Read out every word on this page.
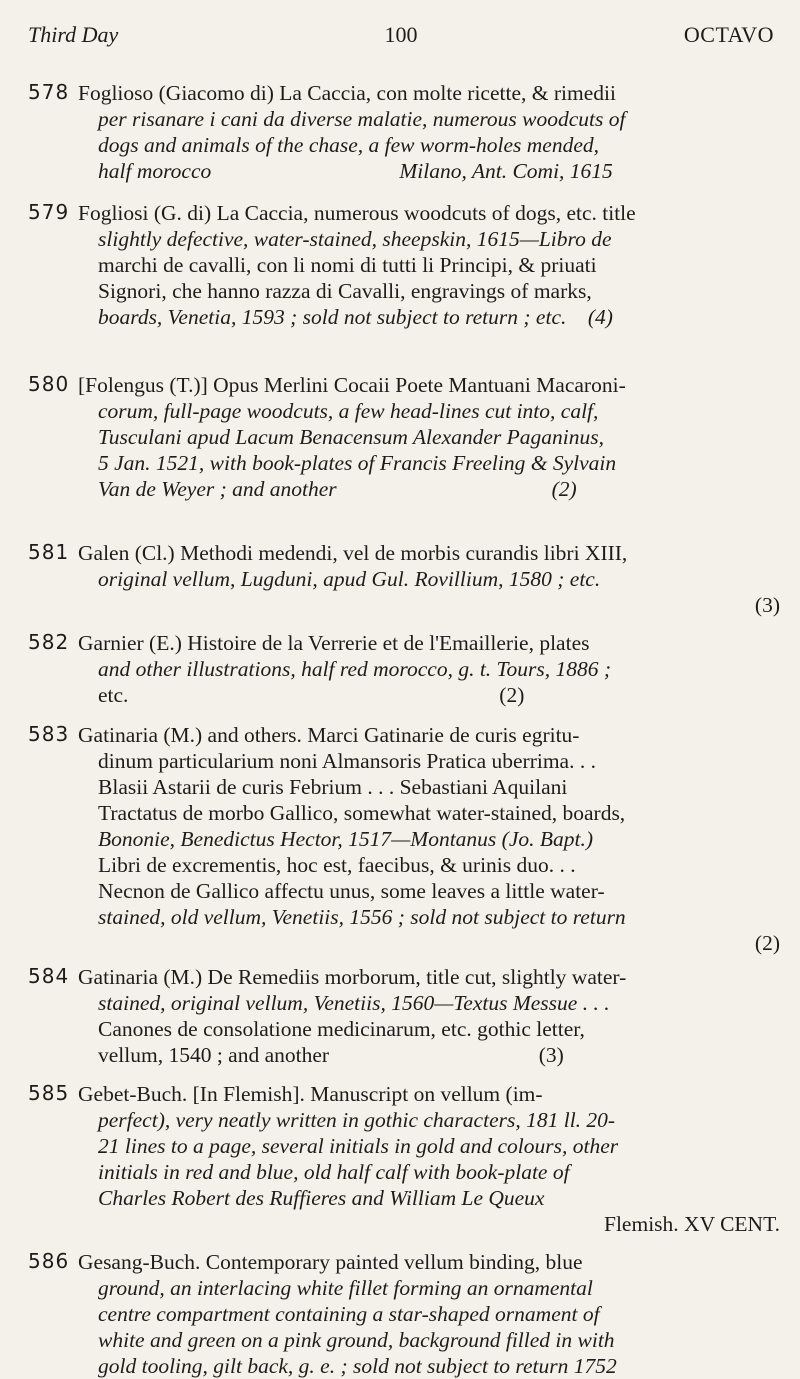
Third Day	100	OCTAVO
578 Foglioso (Giacomo di) La Caccia, con molte ricette, & rimedii
per risanare i cani da diverse malatie, numerous woodcuts of
dogs and animals of the chase, a few worm-holes mended,
half morocco                                   Milano, Ant. Comi, 1615
579 Fogliosi (G. di) La Caccia, numerous woodcuts of dogs, etc. title
slightly defective, water-stained, sheepskin, 1615—Libro de
marchi de cavalli, con li nomi di tutti li Principi, & priuati
Signori, che hanno razza di Cavalli, engravings of marks,
boards, Venetia, 1593 ; sold not subject to return ; etc.    (4)
580 [Folengus (T.)] Opus Merlini Cocaii Poete Mantuani Macaroni-
corum, full-page woodcuts, a few head-lines cut into, calf,
Tusculani apud Lacum Benacensum Alexander Paganinus,
5 Jan. 1521, with book-plates of Francis Freeling & Sylvain
Van de Weyer ; and another                                        (2)
581 Galen (Cl.) Methodi medendi, vel de morbis curandis libri XIII,
original vellum, Lugduni, apud Gul. Rovillium, 1580 ; etc.
(3)
582 Garnier (E.) Histoire de la Verrerie et de l'Emaillerie, plates
and other illustrations, half red morocco, g. t. Tours, 1886 ;
etc.                                                                     (2)
583 Gatinaria (M.) and others. Marci Gatinarie de curis egritu-
dinum particularium noni Almansoris Pratica uberrima. . .
Blasii Astarii de curis Febrium . . . Sebastiani Aquilani
Tractatus de morbo Gallico, somewhat water-stained, boards,
Bononie, Benedictus Hector, 1517—Montanus (Jo. Bapt.)
Libri de excrementis, hoc est, faecibus, & urinis duo. . .
Necnon de Gallico affectu unus, some leaves a little water-
stained, old vellum, Venetiis, 1556 ; sold not subject to return
(2)
584 Gatinaria (M.) De Remediis morborum, title cut, slightly water-
stained, original vellum, Venetiis, 1560—Textus Messue . . .
Canones de consolatione medicinarum, etc. gothic letter,
vellum, 1540 ; and another                                       (3)
585 Gebet-Buch. [In Flemish]. Manuscript on vellum (im-
perfect), very neatly written in gothic characters, 181 ll. 20-
21 lines to a page, several initials in gold and colours, other
initials in red and blue, old half calf with book-plate of
Charles Robert des Ruffieres and William Le Queux
Flemish. XV CENT.
586 Gesang-Buch. Contemporary painted vellum binding, blue
ground, an interlacing white fillet forming an ornamental
centre compartment containing a star-shaped ornament of
white and green on a pink ground, background filled in with
gold tooling, gilt back, g. e. ; sold not subject to return 1752
